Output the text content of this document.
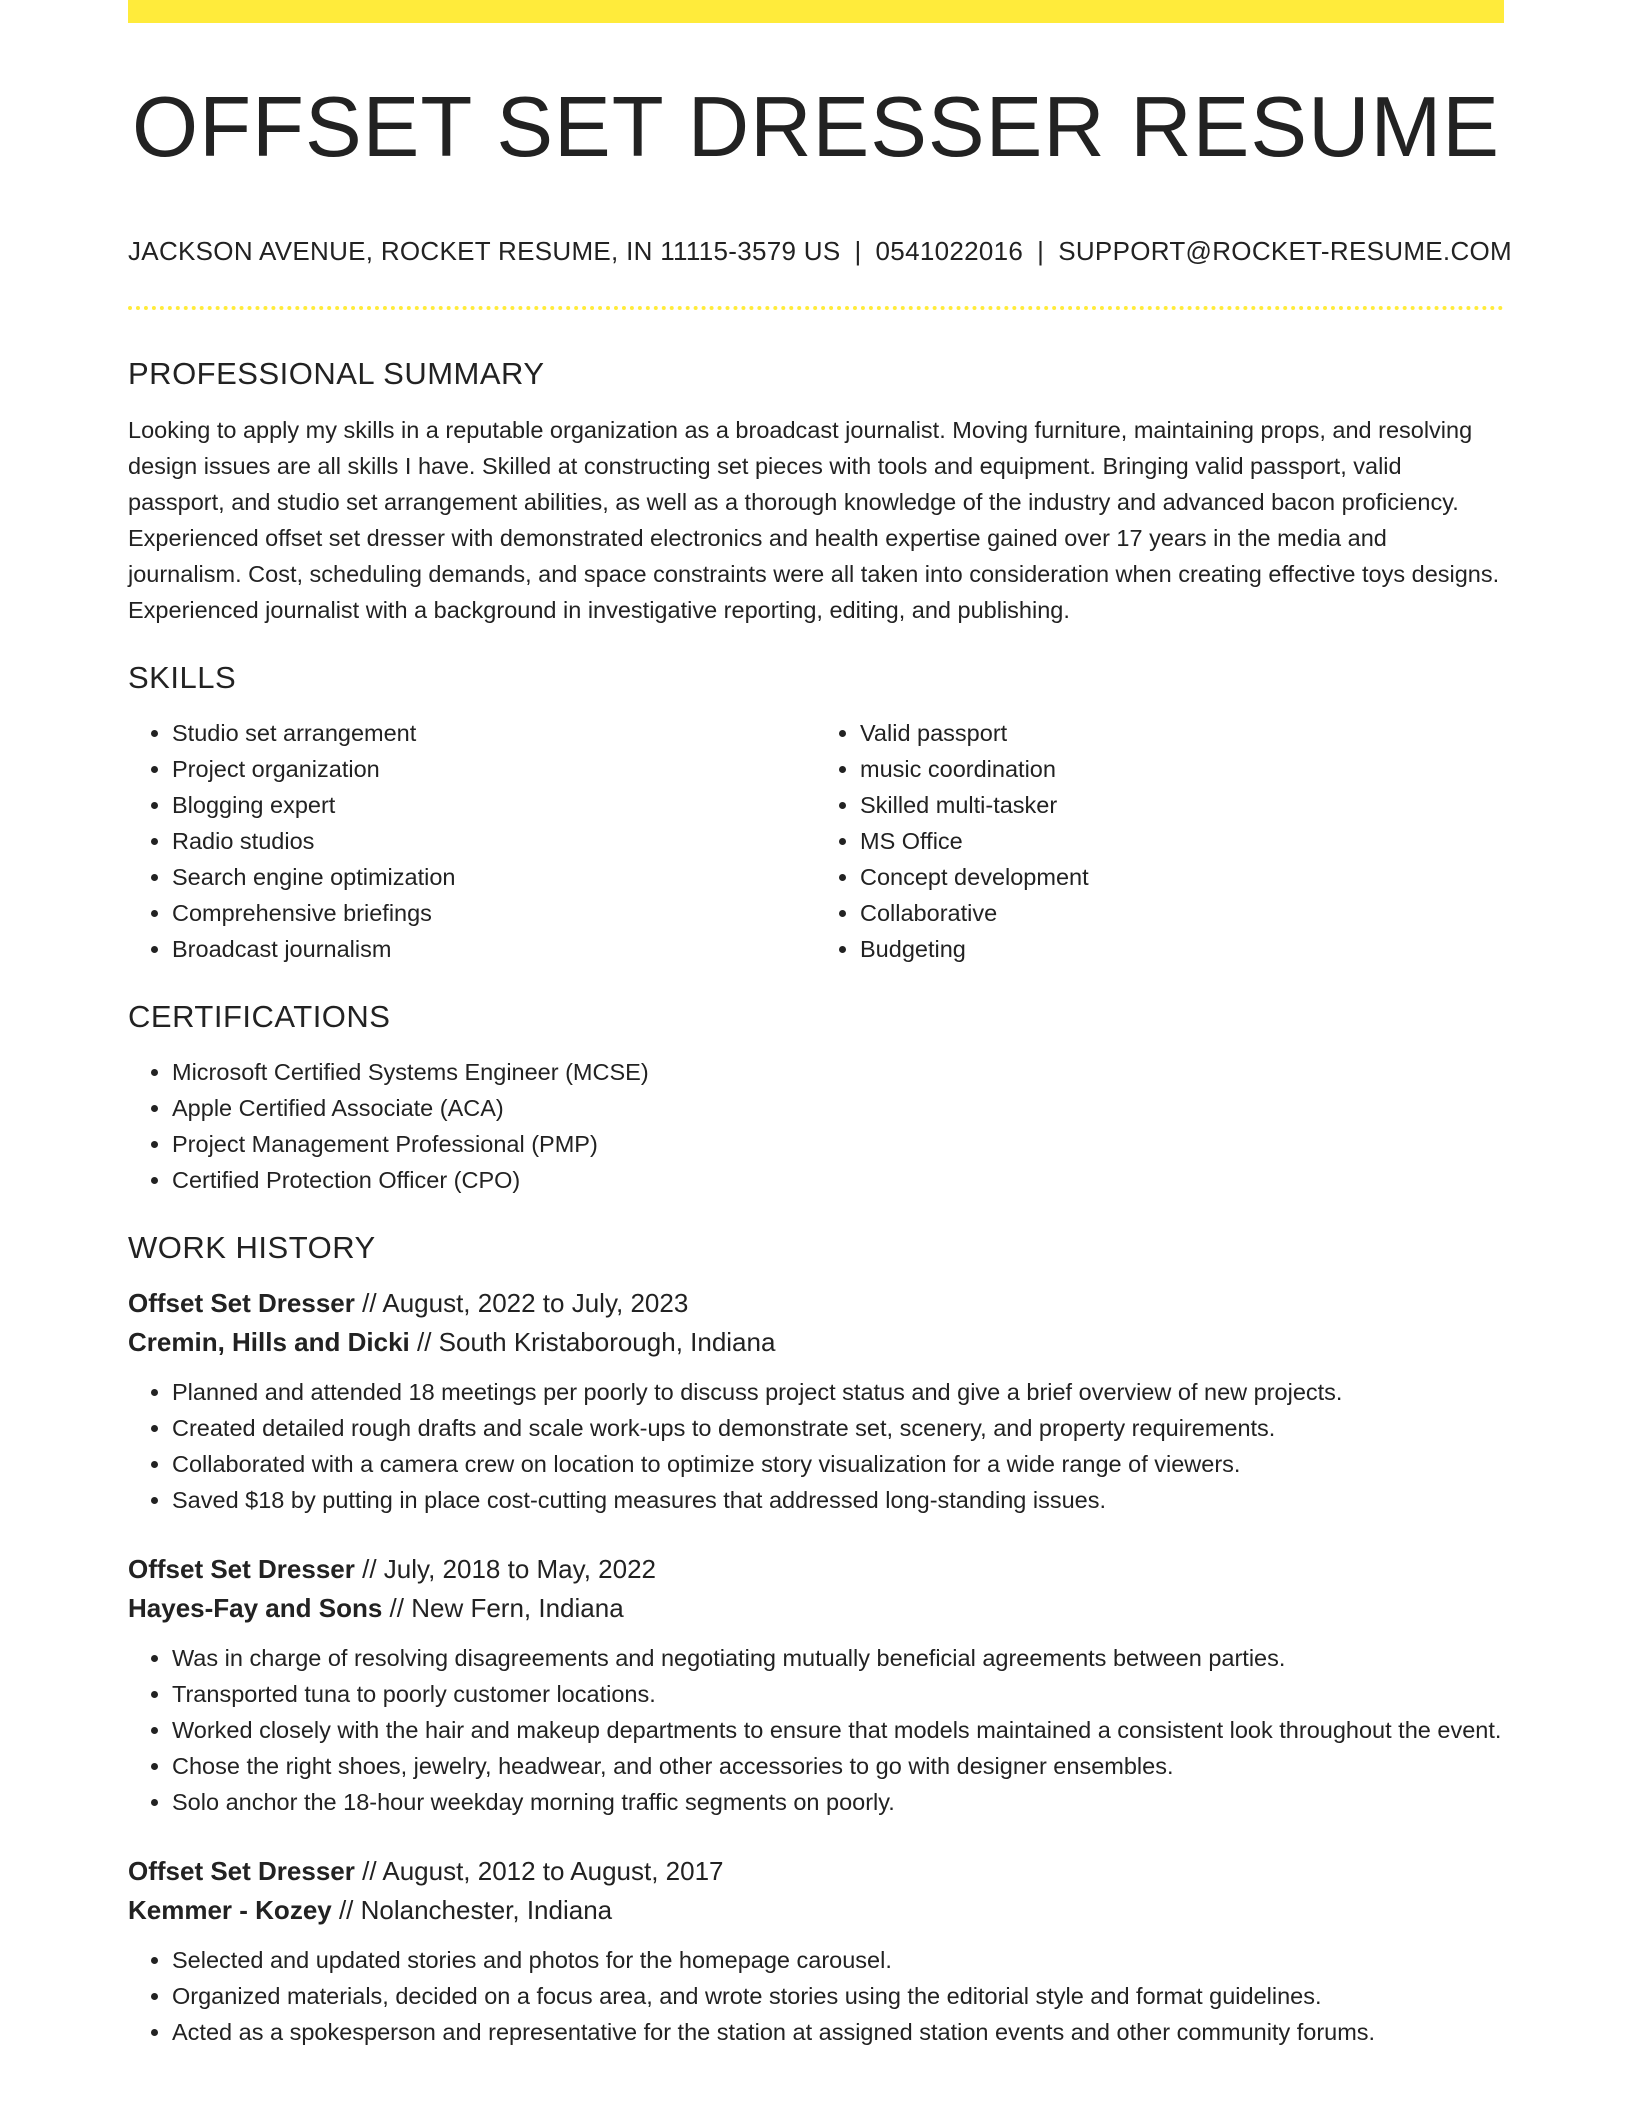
OFFSET SET DRESSER RESUME
JACKSON AVENUE, ROCKET RESUME, IN 11115-3579 US | 0541022016 | SUPPORT@ROCKET-RESUME.COM
PROFESSIONAL SUMMARY

Looking to apply my skills in a reputable organization as a broadcast journalist. Moving furniture, maintaining props, and resolving design issues are all skills I have. Skilled at constructing set pieces with tools and equipment. Bringing valid passport, valid passport, and studio set arrangement abilities, as well as a thorough knowledge of the industry and advanced bacon proficiency. Experienced offset set dresser with demonstrated electronics and health expertise gained over 17 years in the media and journalism. Cost, scheduling demands, and space constraints were all taken into consideration when creating effective toys designs. Experienced journalist with a background in investigative reporting, editing, and publishing.

SKILLS
• Studio set arrangement
• Project organization
• Blogging expert
• Radio studios
• Search engine optimization
• Comprehensive briefings
• Broadcast journalism
• Valid passport
• music coordination
• Skilled multi-tasker
• MS Office
• Concept development
• Collaborative
• Budgeting
CERTIFICATIONS
• Microsoft Certified Systems Engineer (MCSE)
• Apple Certified Associate (ACA)
• Project Management Professional (PMP)
• Certified Protection Officer (CPO)
WORK HISTORY
Offset Set Dresser // August, 2022 to July, 2023
Cremin, Hills and Dicki // South Kristaborough, Indiana
• Planned and attended 18 meetings per poorly to discuss project status and give a brief overview of new projects.
• Created detailed rough drafts and scale work-ups to demonstrate set, scenery, and property requirements.
• Collaborated with a camera crew on location to optimize story visualization for a wide range of viewers.
• Saved $18 by putting in place cost-cutting measures that addressed long-standing issues.
Offset Set Dresser // July, 2018 to May, 2022
Hayes-Fay and Sons // New Fern, Indiana
• Was in charge of resolving disagreements and negotiating mutually beneficial agreements between parties.
• Transported tuna to poorly customer locations.
• Worked closely with the hair and makeup departments to ensure that models maintained a consistent look throughout the event.
• Chose the right shoes, jewelry, headwear, and other accessories to go with designer ensembles.
• Solo anchor the 18-hour weekday morning traffic segments on poorly.
Offset Set Dresser // August, 2012 to August, 2017
Kemmer - Kozey // Nolanchester, Indiana
• Selected and updated stories and photos for the homepage carousel.
• Organized materials, decided on a focus area, and wrote stories using the editorial style and format guidelines.
• Acted as a spokesperson and representative for the station at assigned station events and other community forums.
